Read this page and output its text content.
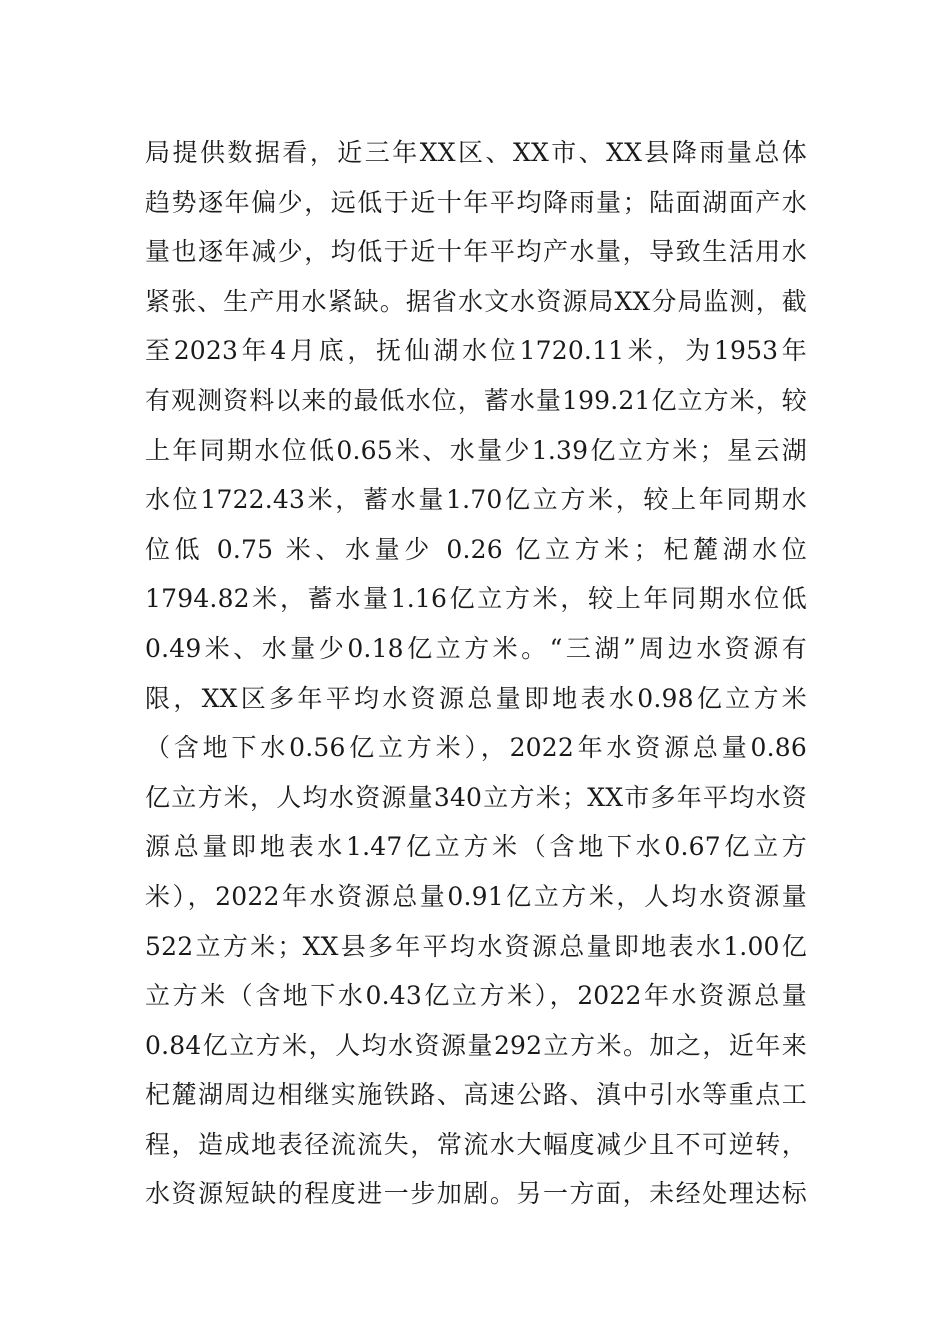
局提供数据看，近三年XX区、XX市、XX县降雨量总体
趋势逐年偏少，远低于近十年平均降雨量；陆面湖面产水
量也逐年减少，均低于近十年平均产水量，导致生活用水
紧张、生产用水紧缺。据省水文水资源局XX分局监测，截
至2023年4月底，抚仙湖水位1720.11米，为1953年
有观测资料以来的最低水位，蓄水量199.21亿立方米，较
上年同期水位低0.65米、水量少1.39亿立方米；星云湖
水位1722.43米，蓄水量1.70亿立方米，较上年同期水
位低 0.75 米、水量少 0.26 亿立方米；杞麓湖水位
1794.82米，蓄水量1.16亿立方米，较上年同期水位低
0.49米、水量少0.18亿立方米。“三湖”周边水资源有
限，XX区多年平均水资源总量即地表水0.98亿立方米
（含地下水0.56亿立方米），2022年水资源总量0.86
亿立方米，人均水资源量340立方米；XX市多年平均水资
源总量即地表水1.47亿立方米（含地下水0.67亿立方
米），2022年水资源总量0.91亿立方米，人均水资源量
522立方米；XX县多年平均水资源总量即地表水1.00亿
立方米（含地下水0.43亿立方米），2022年水资源总量
0.84亿立方米，人均水资源量292立方米。加之，近年来
杞麓湖周边相继实施铁路、高速公路、滇中引水等重点工
程，造成地表径流流失，常流水大幅度减少且不可逆转，
水资源短缺的程度进一步加剧。另一方面，未经处理达标
